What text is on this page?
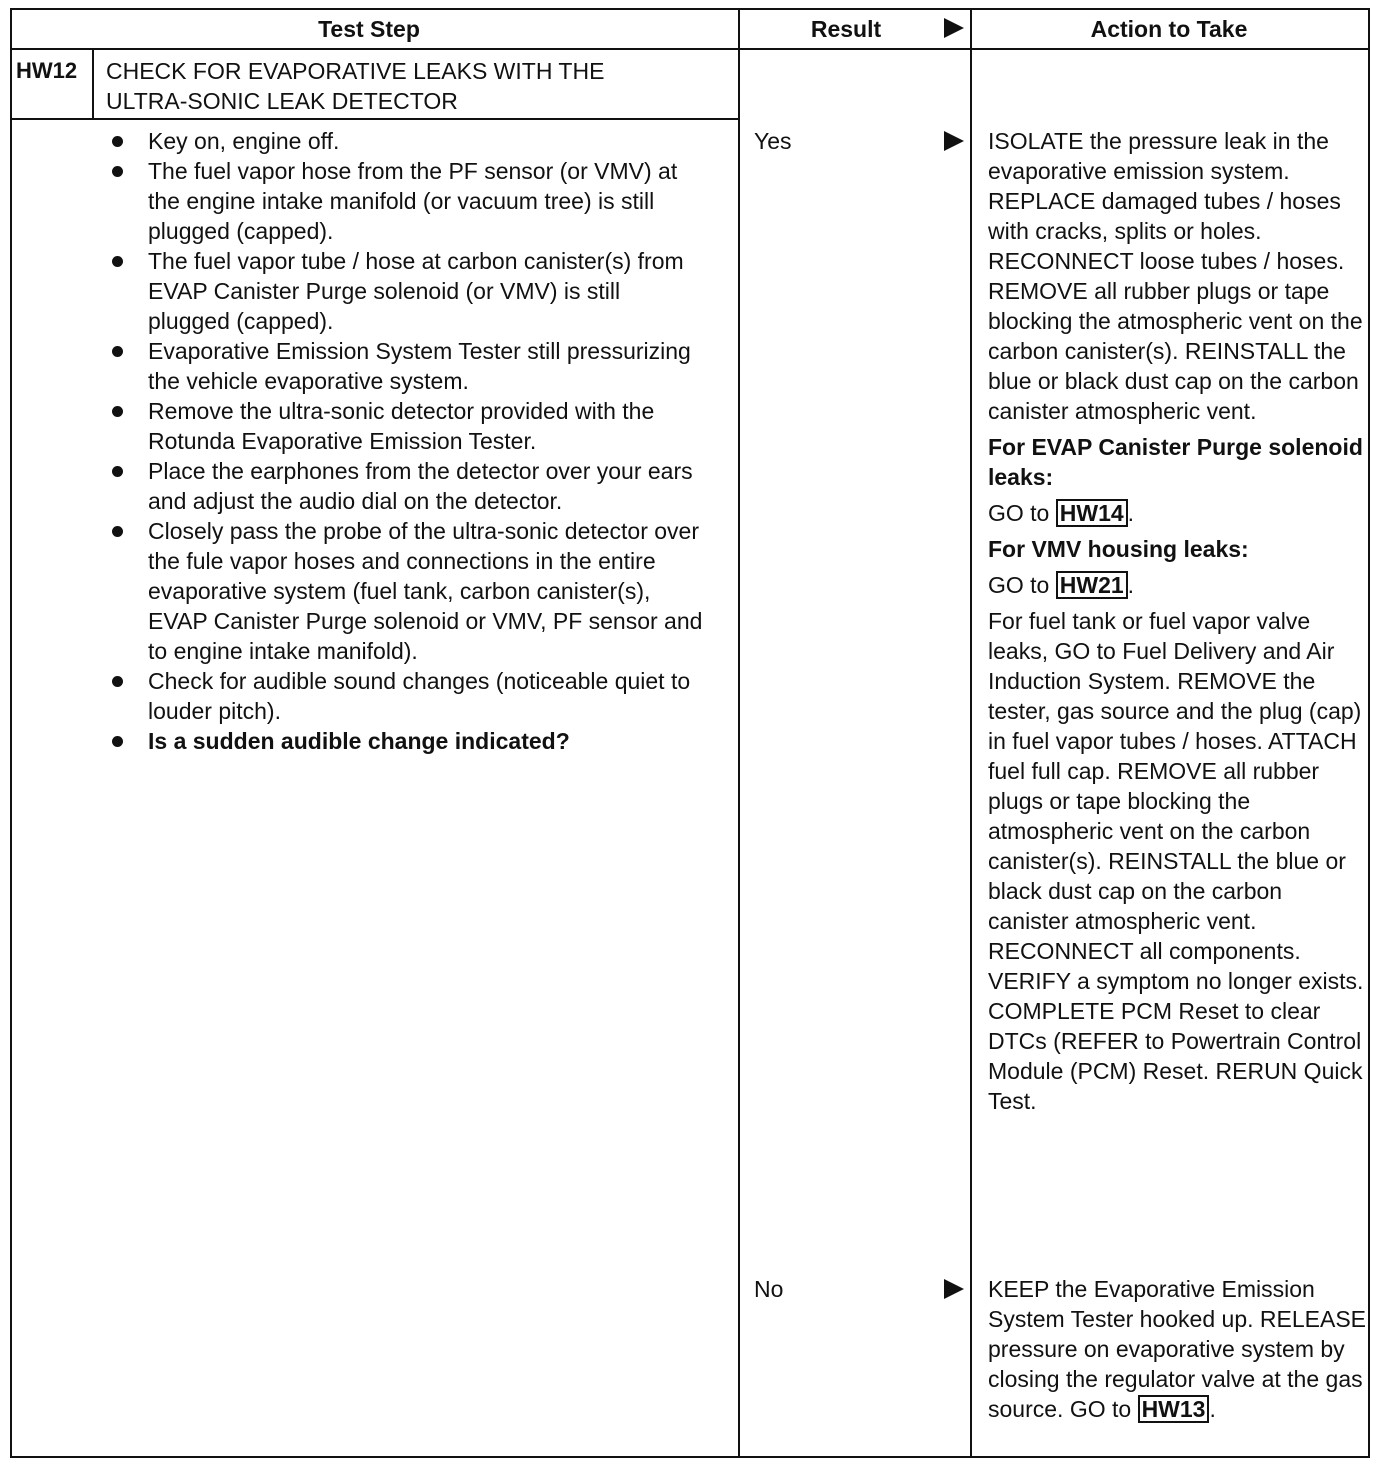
Test Step	Result	Action to Take
HW12 CHECK FOR EVAPORATIVE LEAKS WITH THE
ULTRA-SONIC LEAK DETECTOR
Key on, engine off.
The fuel vapor hose from the PF sensor (or VMV) at the engine intake manifold (or vacuum tree) is still plugged (capped).
The fuel vapor tube / hose at carbon canister(s) from EVAP Canister Purge solenoid (or VMV) is still plugged (capped).
Evaporative Emission System Tester still pressurizing the vehicle evaporative system.
Remove the ultra-sonic detector provided with the Rotunda Evaporative Emission Tester.
Place the earphones from the detector over your ears and adjust the audio dial on the detector.
Closely pass the probe of the ultra-sonic detector over the fule vapor hoses and connections in the entire evaporative system (fuel tank, carbon canister(s), EVAP Canister Purge solenoid or VMV, PF sensor and to engine intake manifold).
Check for audible sound changes (noticeable quiet to louder pitch).
Is a sudden audible change indicated?
Yes
No

ISOLATE the pressure leak in the evaporative emission system. REPLACE damaged tubes / hoses with cracks, splits or holes. RECONNECT loose tubes / hoses. REMOVE all rubber plugs or tape blocking the atmospheric vent on the carbon canister(s). REINSTALL the blue or black dust cap on the carbon canister atmospheric vent.

For EVAP Canister Purge solenoid leaks:

GO to HW14 .

For VMV housing leaks:

GO to HW21 .

For fuel tank or fuel vapor valve leaks, GO to Fuel Delivery and Air Induction System. REMOVE the tester, gas source and the plug (cap) in fuel vapor tubes / hoses. ATTACH fuel full cap. REMOVE all rubber plugs or tape blocking the atmospheric vent on the carbon canister(s). REINSTALL the blue or black dust cap on the carbon canister atmospheric vent. RECONNECT all components. VERIFY a symptom no longer exists. COMPLETE PCM Reset to clear DTCs (REFER to Powertrain Control Module (PCM) Reset. RERUN Quick Test.

KEEP the Evaporative Emission System Tester hooked up. RELEASE pressure on evaporative system by closing the regulator valve at the gas source. GO to HW13 .
